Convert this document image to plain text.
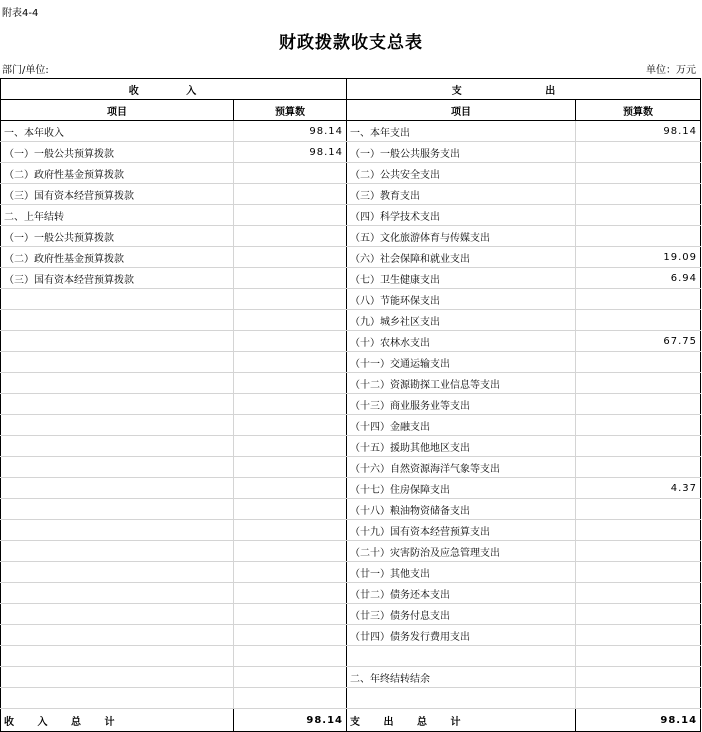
附表4-4
财政拨款收支总表
部门/单位:	单位：万元
收 入		支 出	
项目	预算数	项目	预算数
一、本年收入	98.14	一、本年支出	98.14
（一）一般公共预算拨款	98.14	（一）一般公共服务支出	
（二）政府性基金预算拨款		（二）公共安全支出	
（三）国有资本经营预算拨款		（三）教育支出	
二、上年结转		（四）科学技术支出	
（一）一般公共预算拨款		（五）文化旅游体育与传媒支出	
（二）政府性基金预算拨款		（六）社会保障和就业支出	19.09
（三）国有资本经营预算拨款		（七）卫生健康支出	6.94
		（八）节能环保支出	
		（九）城乡社区支出	
		（十）农林水支出	67.75
		（十一）交通运输支出	
		（十二）资源勘探工业信息等支出	
		（十三）商业服务业等支出	
		（十四）金融支出	
		（十五）援助其他地区支出	
		（十六）自然资源海洋气象等支出	
		（十七）住房保障支出	4.37
		（十八）粮油物资储备支出	
		（十九）国有资本经营预算支出	
		（二十）灾害防治及应急管理支出	
		（廿一）其他支出	
		（廿二）债务还本支出	
		（廿三）债务付息支出	
		（廿四）债务发行费用支出	

		二、年终结转结余	

收 入 总 计	98.14	支 出 总 计	98.14
